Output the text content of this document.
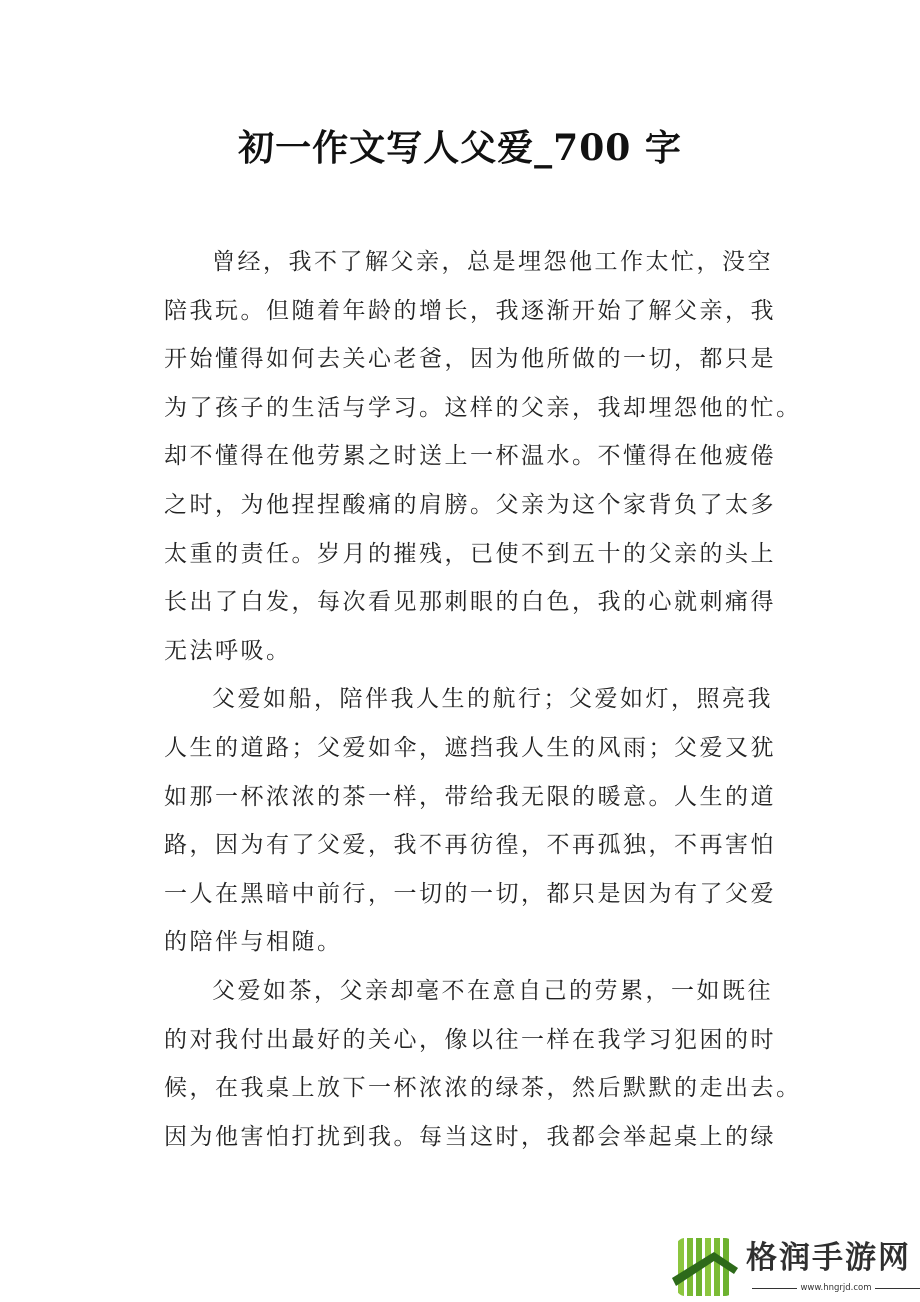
初一作文写人父爱_700 字
曾经，我不了解父亲，总是埋怨他工作太忙，没空
陪我玩。但随着年龄的增长，我逐渐开始了解父亲，我
开始懂得如何去关心老爸，因为他所做的一切，都只是
为了孩子的生活与学习。这样的父亲，我却埋怨他的忙。
却不懂得在他劳累之时送上一杯温水。不懂得在他疲倦
之时，为他捏捏酸痛的肩膀。父亲为这个家背负了太多
太重的责任。岁月的摧残，已使不到五十的父亲的头上
长出了白发，每次看见那刺眼的白色，我的心就刺痛得
无法呼吸。
父爱如船，陪伴我人生的航行；父爱如灯，照亮我
人生的道路；父爱如伞，遮挡我人生的风雨；父爱又犹
如那一杯浓浓的茶一样，带给我无限的暖意。人生的道
路，因为有了父爱，我不再彷徨，不再孤独，不再害怕
一人在黑暗中前行，一切的一切，都只是因为有了父爱
的陪伴与相随。
父爱如茶，父亲却毫不在意自己的劳累，一如既往
的对我付出最好的关心，像以往一样在我学习犯困的时
候，在我桌上放下一杯浓浓的绿茶，然后默默的走出去。
因为他害怕打扰到我。每当这时，我都会举起桌上的绿
格润手游网
www.hngrjd.com
